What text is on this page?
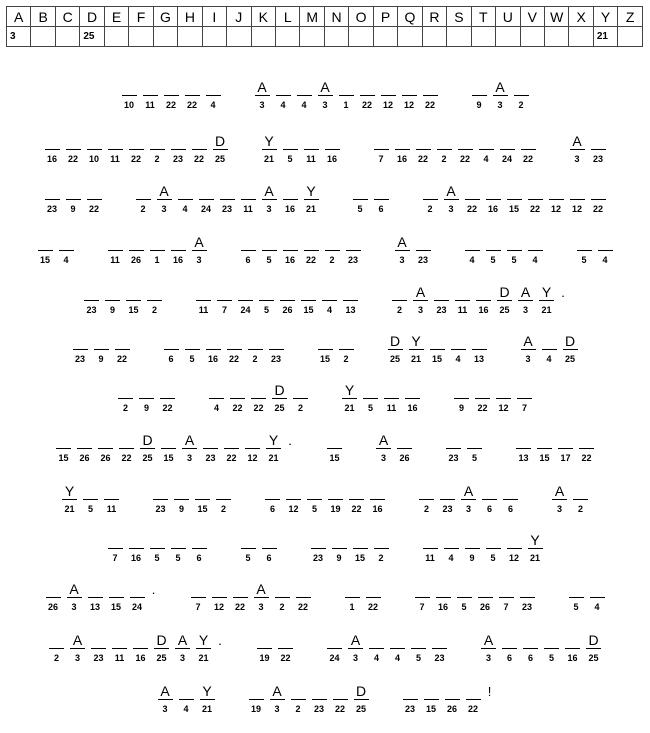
A	B	C	D	E	F	G	H	I	J	K	L	M	N	O	P	Q	R	S	T	U	V	W	X	Y	Z
3			25																					21	
10	11	22	22	4
A
3	4	4
A
3	1	22	12	12	22	9
A
3	2
16	22	10	11	22	2	23	22
D
25
Y
21	5	11	16	7	16	22	2	22	4	24	22
A
3	23
23	9	22	2
A
3	4	24	23	11
A
3	16
Y
21	5	6	2
A
3	22	16	15	22	12	12	22
15	4	11	26	1	16
A
3	6	5	16	22	2	23
A
3	23	4	5	5	4	5	4
23	9	15	2	11	7	24	5	26	15	4	13	2
A
3	23	11	16
D
25
A
3
Y
21
.
23	9	22	6	5	16	22	2	23	15	2
D
25
Y
21	15	4	13
A
3	4
D
25
2	9	22	4	22	22
D
25	2
Y
21	5	11	16	9	22	12	7
15	26	26	22
D
25	15
A
3	23	22	12
Y
21
.
15
A
3	26	23	5	13	15	17	22
Y
21	5	11	23	9	15	2	6	12	5	19	22	16	2	23
A
3	6	6
A
3	2
7	16	5	5	6	5	6	23	9	15	2	11	4	9	5	12
Y
21
26
A
3	13	15	24
.
7	12	22
A
3	2	22	1	22	7	16	5	26	7	23	5	4
2
A
3	23	11	16
D
25
A
3
Y
21
.
19	22	24
A
3	4	4	5	23
A
3	6	6	5	16
D
25
A
3	4
Y
21	19
A
3	2	23	22
D
25	23	15	26	22
!
